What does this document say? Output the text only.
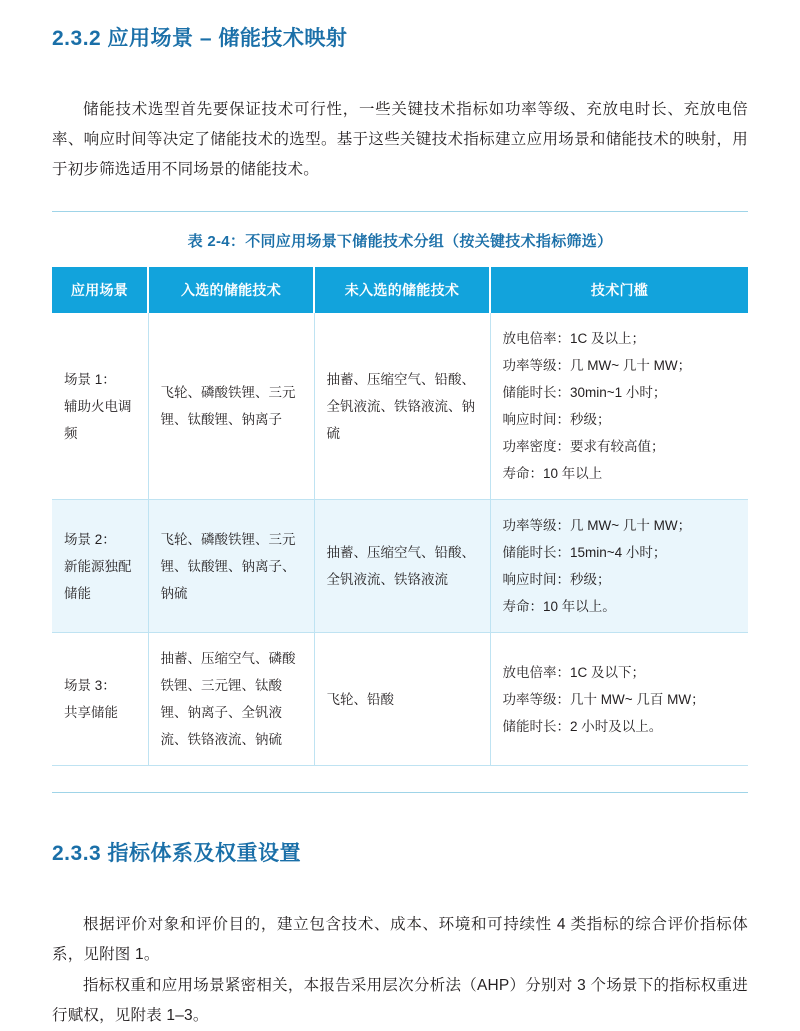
2.3.2 应用场景 – 储能技术映射

储能技术选型首先要保证技术可行性，一些关键技术指标如功率等级、充放电时长、充放电倍率、响应时间等决定了储能技术的选型。基于这些关键技术指标建立应用场景和储能技术的映射，用于初步筛选适用不同场景的储能技术。

表 2-4：不同应用场景下储能技术分组（按关键技术指标筛选）
应用场景	入选的储能技术	未入选的储能技术	技术门槛
场景 1：
辅助火电调频	飞轮、磷酸铁锂、三元锂、钛酸锂、钠离子	抽蓄、压缩空气、铅酸、全钒液流、铁铬液流、钠硫	
放电倍率：1C 及以上；
功率等级：几 MW~ 几十 MW；
储能时长：30min~1 小时；
响应时间：秒级；
功率密度：要求有较高值；
寿命：10 年以上

场景 2：
新能源独配储能	飞轮、磷酸铁锂、三元锂、钛酸锂、钠离子、钠硫	抽蓄、压缩空气、铅酸、全钒液流、铁铬液流	功率等级：几 MW~ 几十 MW；
储能时长：15min~4 小时；
响应时间：秒级；
寿命：10 年以上。

场景 3：
共享储能	抽蓄、压缩空气、磷酸铁锂、三元锂、钛酸锂、钠离子、全钒液流、铁铬液流、钠硫	飞轮、铅酸	放电倍率：1C 及以下；
功率等级：几十 MW~ 几百 MW；
储能时长：2 小时及以上。
2.3.3 指标体系及权重设置

根据评价对象和评价目的，建立包含技术、成本、环境和可持续性 4 类指标的综合评价指标体系，见附图 1。

指标权重和应用场景紧密相关，本报告采用层次分析法（AHP）分别对 3 个场景下的指标权重进行赋权，见附表 1–3。
